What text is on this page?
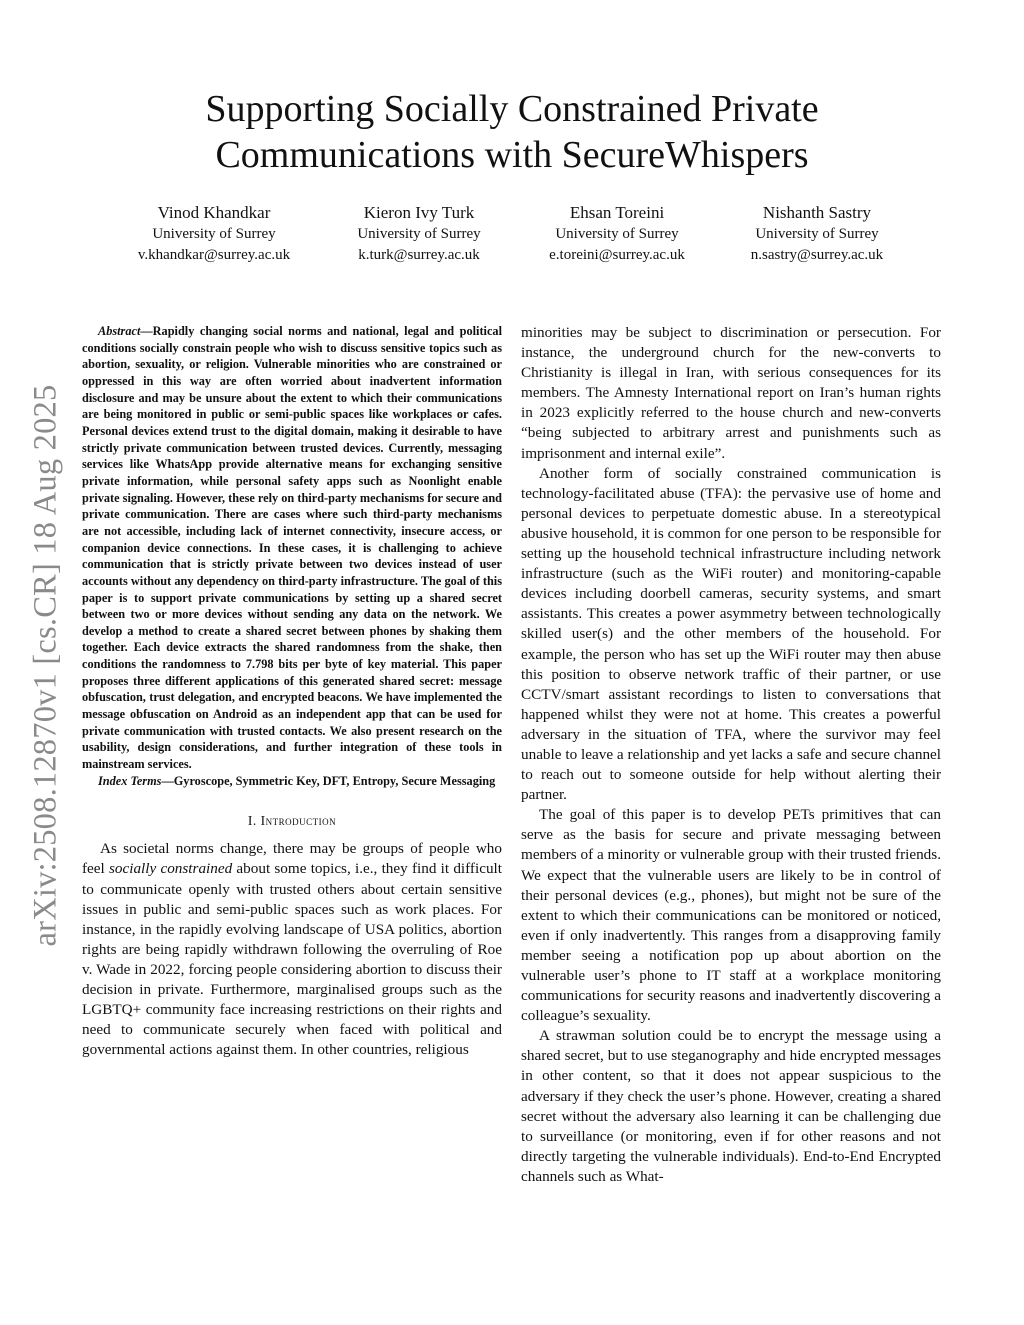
arXiv:2508.12870v1 [cs.CR] 18 Aug 2025
Supporting Socially Constrained Private
Communications with SecureWhispers
Vinod Khandkar
University of Surrey
v.khandkar@surrey.ac.uk
Kieron Ivy Turk
University of Surrey
k.turk@surrey.ac.uk
Ehsan Toreini
University of Surrey
e.toreini@surrey.ac.uk
Nishanth Sastry
University of Surrey
n.sastry@surrey.ac.uk

Abstract—Rapidly changing social norms and national, legal and political conditions socially constrain people who wish to discuss sensitive topics such as abortion, sexuality, or religion. Vulnerable minorities who are constrained or oppressed in this way are often worried about inadvertent information disclosure and may be unsure about the extent to which their communications are being monitored in public or semi-public spaces like workplaces or cafes. Personal devices extend trust to the digital domain, making it desirable to have strictly private communication between trusted devices. Currently, messaging services like WhatsApp provide alternative means for exchanging sensitive private information, while personal safety apps such as Noonlight enable private signaling. However, these rely on third-party mechanisms for secure and private communication. There are cases where such third-party mechanisms are not accessible, including lack of internet connectivity, insecure access, or companion device connections. In these cases, it is challenging to achieve communication that is strictly private between two devices instead of user accounts without any dependency on third-party infrastructure. The goal of this paper is to support private communications by setting up a shared secret between two or more devices without sending any data on the network. We develop a method to create a shared secret between phones by shaking them together. Each device extracts the shared randomness from the shake, then conditions the randomness to 7.798 bits per byte of key material. This paper proposes three different applications of this generated shared secret: message obfuscation, trust delegation, and encrypted beacons. We have implemented the message obfuscation on Android as an independent app that can be used for private communication with trusted contacts. We also present research on the usability, design considerations, and further integration of these tools in mainstream services.

Index Terms—Gyroscope, Symmetric Key, DFT, Entropy, Secure Messaging

I. Introduction

As societal norms change, there may be groups of people who feel socially constrained about some topics, i.e., they find it difficult to communicate openly with trusted others about certain sensitive issues in public and semi-public spaces such as work places. For instance, in the rapidly evolving landscape of USA politics, abortion rights are being rapidly withdrawn following the overruling of Roe v. Wade in 2022, forcing people considering abortion to discuss their decision in private. Furthermore, marginalised groups such as the LGBTQ+ community face increasing restrictions on their rights and need to communicate securely when faced with political and governmental actions against them. In other countries, religious

minorities may be subject to discrimination or persecution. For instance, the underground church for the new-converts to Christianity is illegal in Iran, with serious consequences for its members. The Amnesty International report on Iran’s human rights in 2023 explicitly referred to the house church and new-converts “being subjected to arbitrary arrest and punishments such as imprisonment and internal exile”.

Another form of socially constrained communication is technology-facilitated abuse (TFA): the pervasive use of home and personal devices to perpetuate domestic abuse. In a stereotypical abusive household, it is common for one person to be responsible for setting up the household technical infrastructure including network infrastructure (such as the WiFi router) and monitoring-capable devices including doorbell cameras, security systems, and smart assistants. This creates a power asymmetry between technologically skilled user(s) and the other members of the household. For example, the person who has set up the WiFi router may then abuse this position to observe network traffic of their partner, or use CCTV/smart assistant recordings to listen to conversations that happened whilst they were not at home. This creates a powerful adversary in the situation of TFA, where the survivor may feel unable to leave a relationship and yet lacks a safe and secure channel to reach out to someone outside for help without alerting their partner.

The goal of this paper is to develop PETs primitives that can serve as the basis for secure and private messaging between members of a minority or vulnerable group with their trusted friends. We expect that the vulnerable users are likely to be in control of their personal devices (e.g., phones), but might not be sure of the extent to which their communications can be monitored or noticed, even if only inadvertently. This ranges from a disapproving family member seeing a notification pop up about abortion on the vulnerable user’s phone to IT staff at a workplace monitoring communications for security reasons and inadvertently discovering a colleague’s sexuality.

A strawman solution could be to encrypt the message using a shared secret, but to use steganography and hide encrypted messages in other content, so that it does not appear suspicious to the adversary if they check the user’s phone. However, creating a shared secret without the adversary also learning it can be challenging due to surveillance (or monitoring, even if for other reasons and not directly targeting the vulnerable individuals). End-to-End Encrypted channels such as What-
